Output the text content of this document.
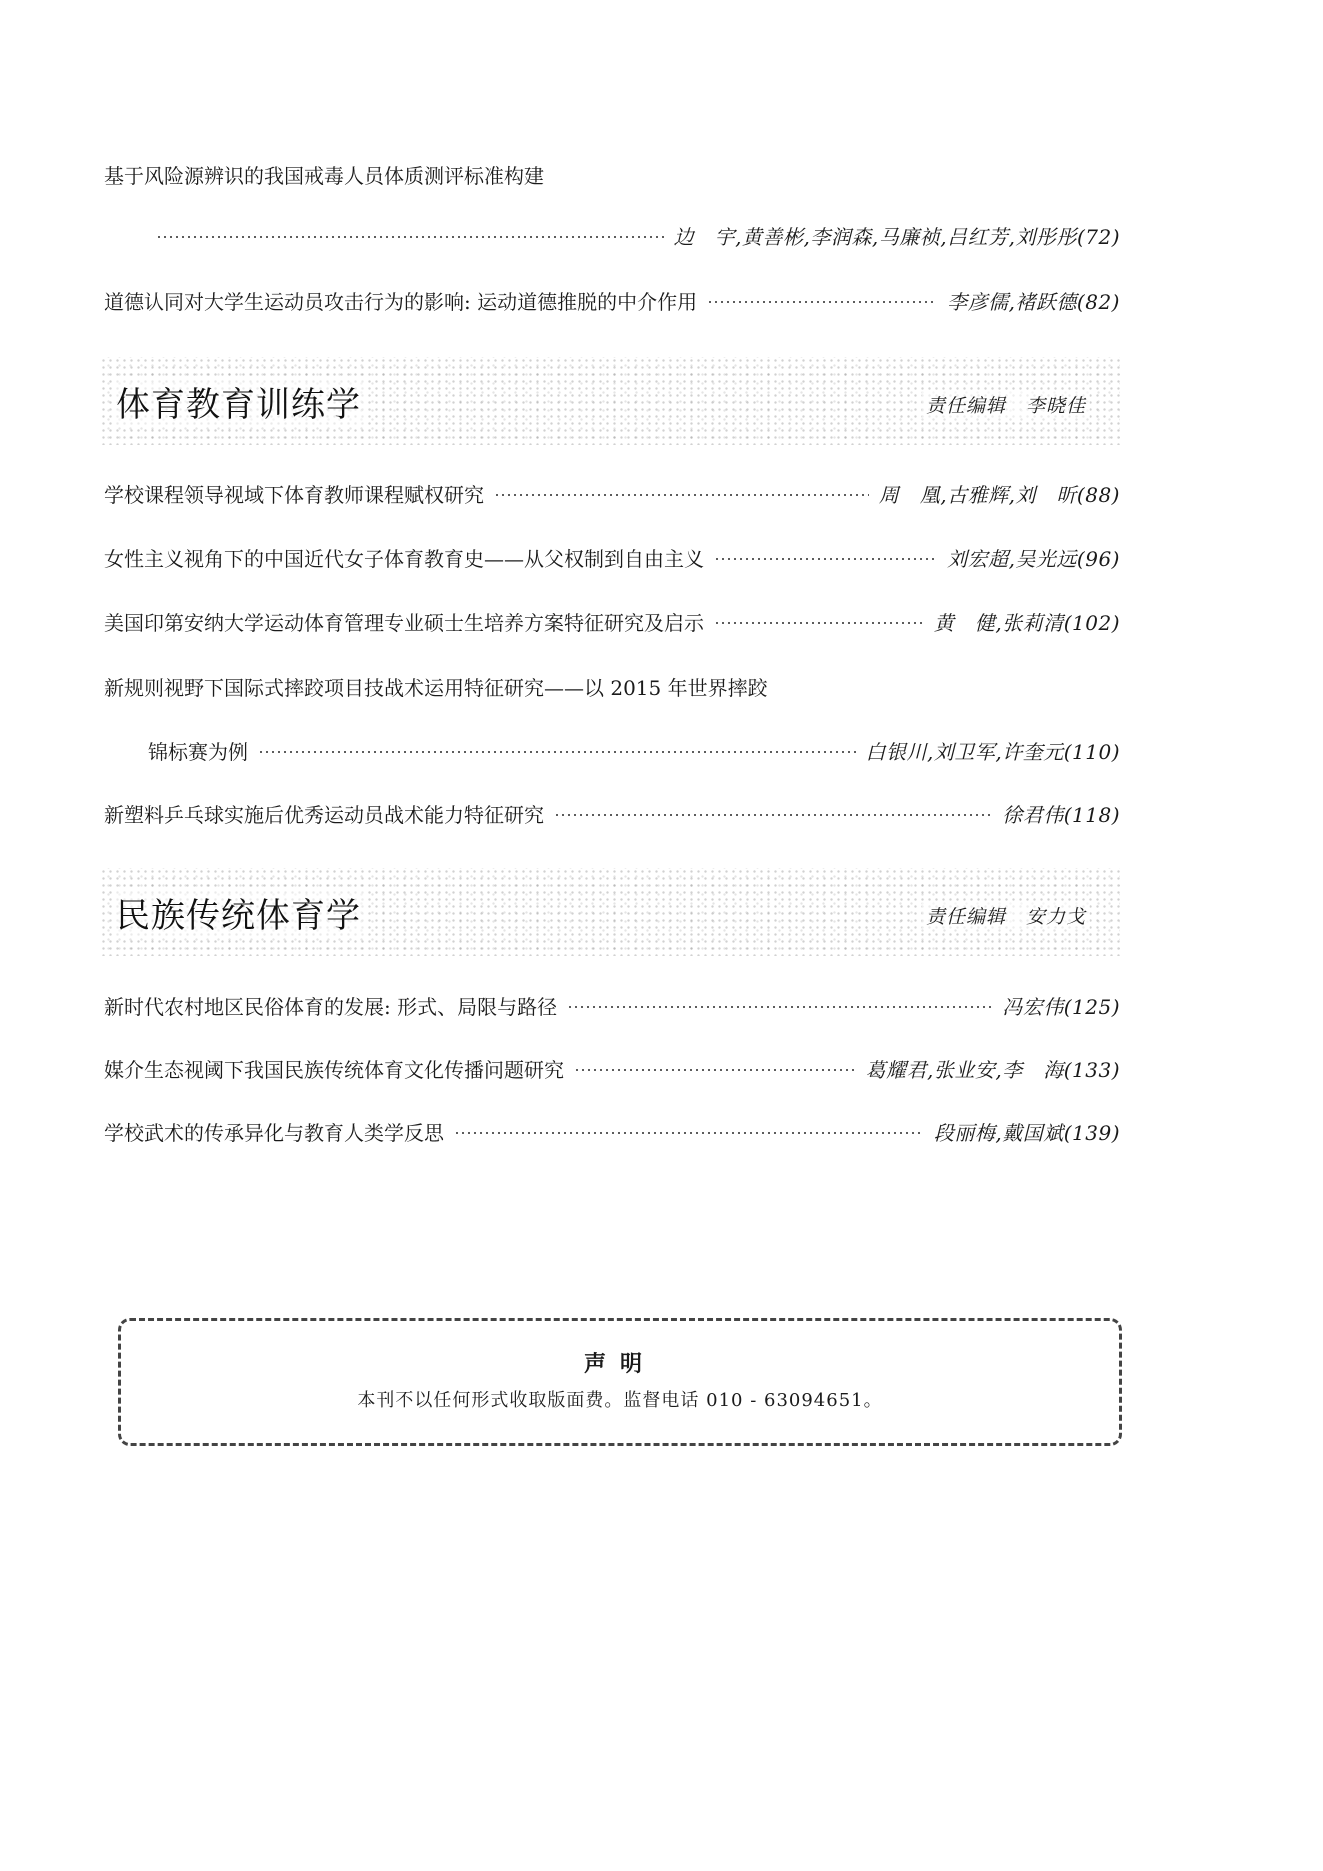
基于风险源辨识的我国戒毒人员体质测评标准构建
边　宇,黄善彬,李润森,马廉祯,吕红芳,刘彤彤(72)
道德认同对大学生运动员攻击行为的影响: 运动道德推脱的中介作用	李彦儒,褚跃德(82)
体育教育训练学	责任编辑　李晓佳
学校课程领导视域下体育教师课程赋权研究	周　凰,古雅辉,刘　昕(88)
女性主义视角下的中国近代女子体育教育史——从父权制到自由主义	刘宏超,吴光远(96)
美国印第安纳大学运动体育管理专业硕士生培养方案特征研究及启示	黄　健,张莉清(102)
新规则视野下国际式摔跤项目技战术运用特征研究——以 2015 年世界摔跤
锦标赛为例	白银川,刘卫军,许奎元(110)
新塑料乒乓球实施后优秀运动员战术能力特征研究	徐君伟(118)
民族传统体育学	责任编辑　安力戈
新时代农村地区民俗体育的发展: 形式、局限与路径	冯宏伟(125)
媒介生态视阈下我国民族传统体育文化传播问题研究	葛耀君,张业安,李　海(133)
学校武术的传承异化与教育人类学反思	段丽梅,戴国斌(139)
声明
本刊不以任何形式收取版面费。监督电话 010 - 63094651。
